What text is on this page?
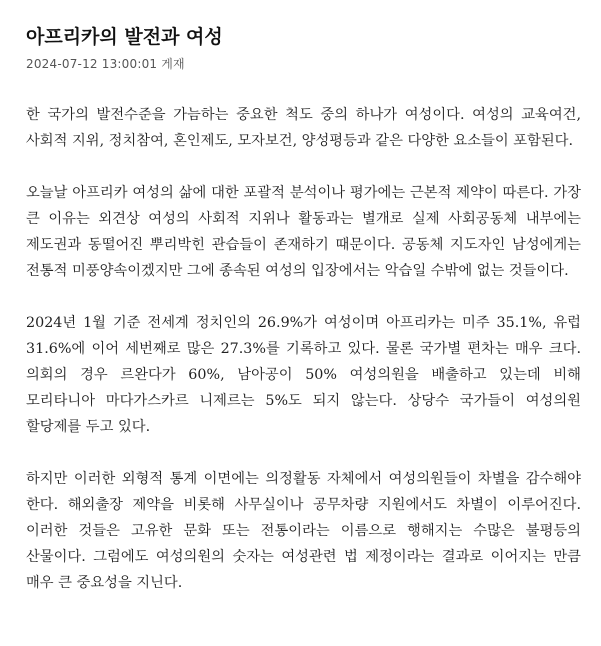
아프리카의 발전과 여성
2024-07-12 13:00:01 게재

한 국가의 발전수준을 가늠하는 중요한 척도 중의 하나가 여성이다. 여성의 교육여건, 사회적 지위, 정치참여, 혼인제도, 모자보건, 양성평등과 같은 다양한 요소들이 포함된다.

오늘날 아프리카 여성의 삶에 대한 포괄적 분석이나 평가에는 근본적 제약이 따른다. 가장 큰 이유는 외견상 여성의 사회적 지위나 활동과는 별개로 실제 사회공동체 내부에는 제도권과 동떨어진 뿌리박힌 관습들이 존재하기 때문이다. 공동체 지도자인 남성에게는 전통적 미풍양속이겠지만 그에 종속된 여성의 입장에서는 악습일 수밖에 없는 것들이다.

2024년 1월 기준 전세계 정치인의 26.9%가 여성이며 아프리카는 미주 35.1%, 유럽 31.6%에 이어 세번째로 많은 27.3%를 기록하고 있다. 물론 국가별 편차는 매우 크다. 의회의 경우 르완다가 60%, 남아공이 50% 여성의원을 배출하고 있는데 비해 모리타니아 마다가스카르 니제르는 5%도 되지 않는다. 상당수 국가들이 여성의원 할당제를 두고 있다.

하지만 이러한 외형적 통계 이면에는 의정활동 자체에서 여성의원들이 차별을 감수해야 한다. 해외출장 제약을 비롯해 사무실이나 공무차량 지원에서도 차별이 이루어진다. 이러한 것들은 고유한 문화 또는 전통이라는 이름으로 행해지는 수많은 불평등의 산물이다. 그럼에도 여성의원의 숫자는 여성관련 법 제정이라는 결과로 이어지는 만큼 매우 큰 중요성을 지닌다.
